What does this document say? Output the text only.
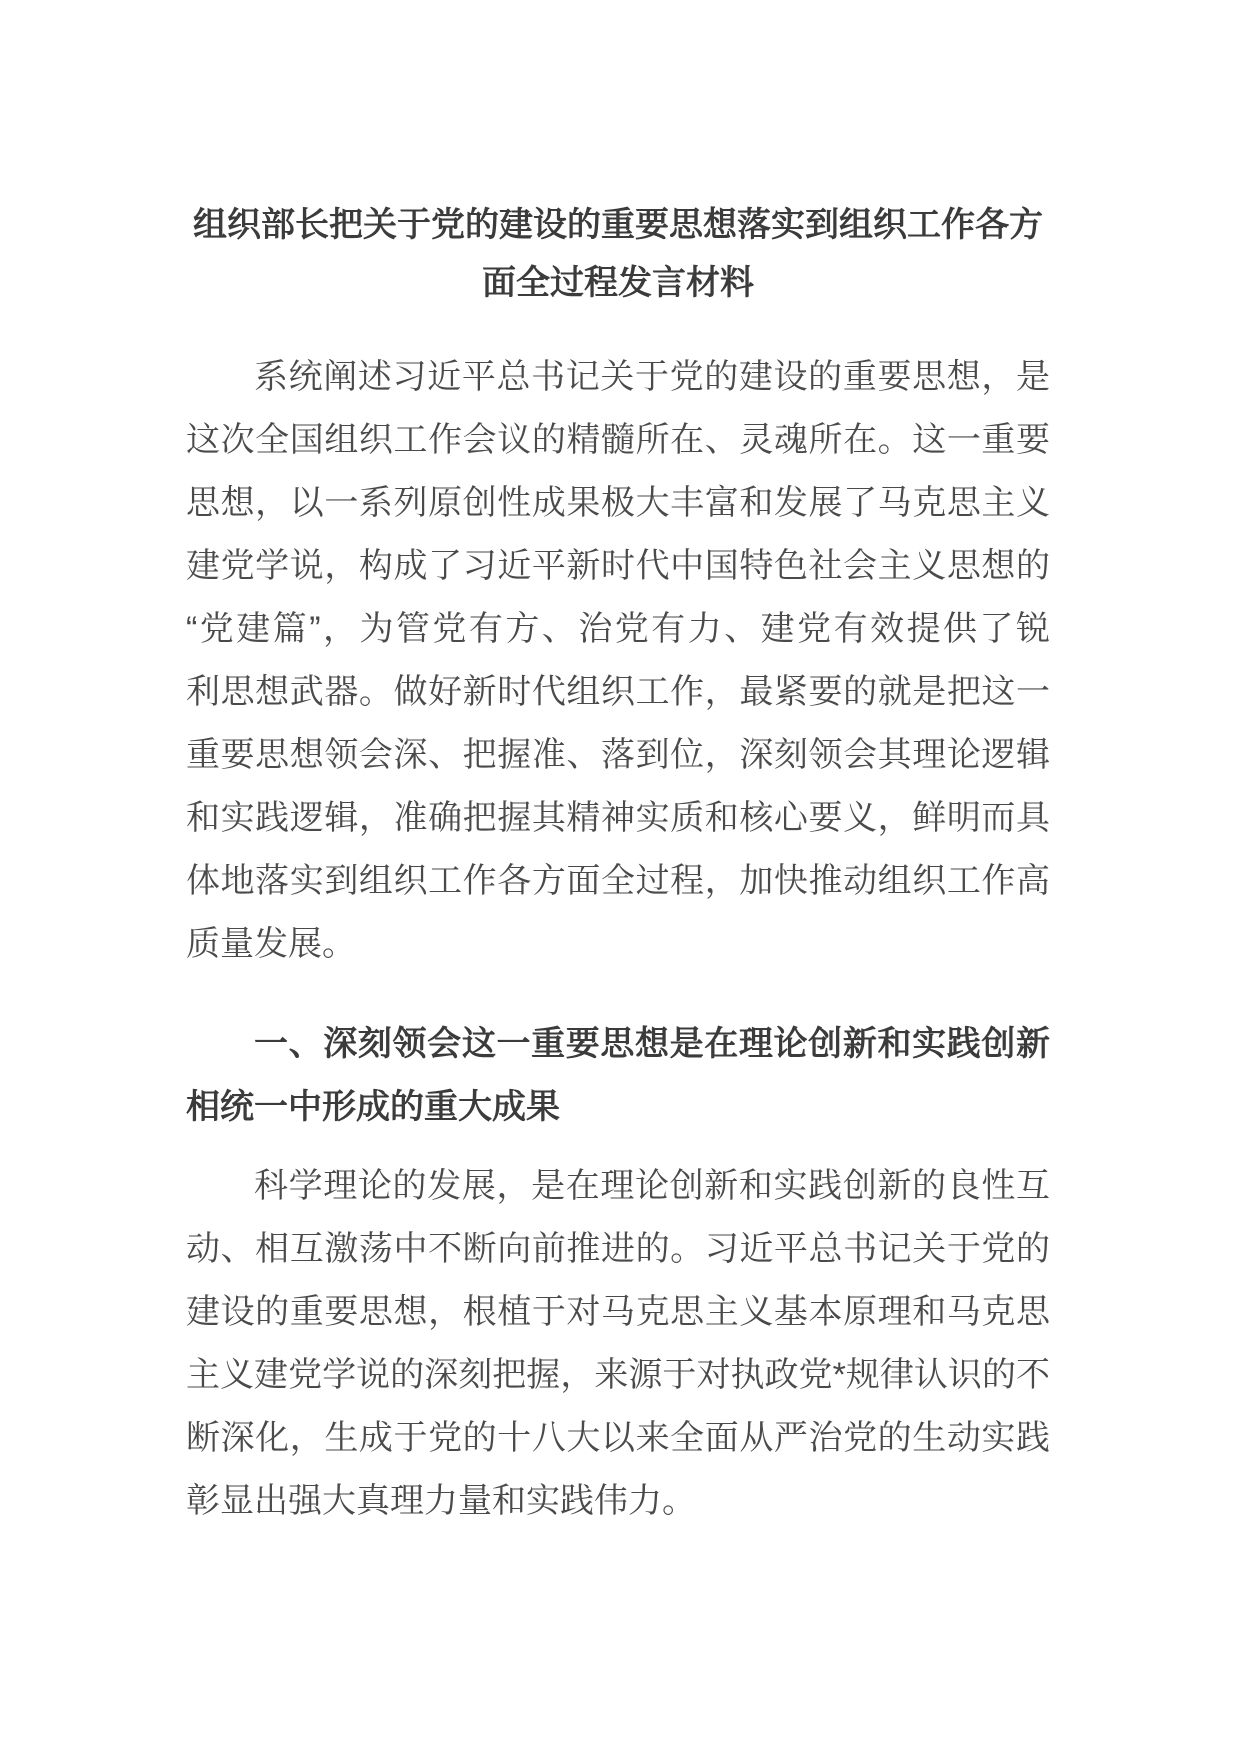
组织部长把关于党的建设的重要思想落实到组织工作各方面全过程发言材料
系统阐述习近平总书记关于党的建设的重要思想，是
这次全国组织工作会议的精髓所在、灵魂所在。这一重要
思想，以一系列原创性成果极大丰富和发展了马克思主义
建党学说，构成了习近平新时代中国特色社会主义思想的
“党建篇”，为管党有方、治党有力、建党有效提供了锐
利思想武器。做好新时代组织工作，最紧要的就是把这一
重要思想领会深、把握准、落到位，深刻领会其理论逻辑
和实践逻辑，准确把握其精神实质和核心要义，鲜明而具
体地落实到组织工作各方面全过程，加快推动组织工作高
质量发展。
一、深刻领会这一重要思想是在理论创新和实践创新
相统一中形成的重大成果
科学理论的发展，是在理论创新和实践创新的良性互
动、相互激荡中不断向前推进的。习近平总书记关于党的
建设的重要思想，根植于对马克思主义基本原理和马克思
主义建党学说的深刻把握，来源于对执政党*规律认识的不
断深化，生成于党的十八大以来全面从严治党的生动实践
彰显出强大真理力量和实践伟力。
